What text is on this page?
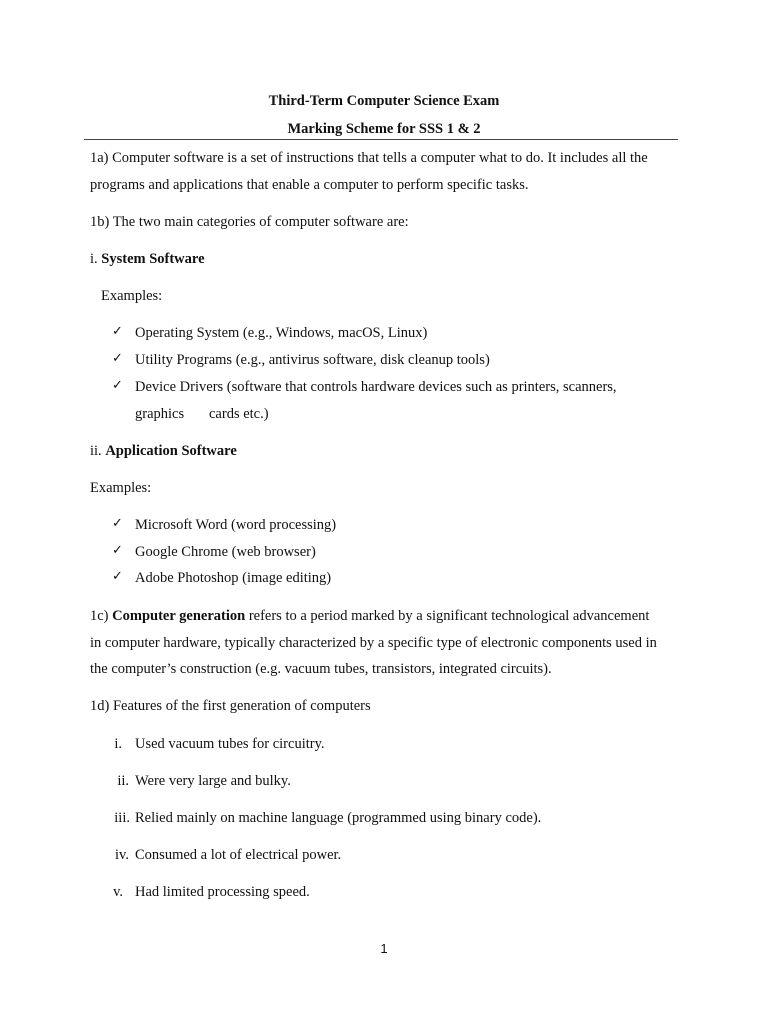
Third-Term Computer Science Exam
Marking Scheme for SSS 1 & 2
1a) Computer software is a set of instructions that tells a computer what to do. It includes all the
programs and applications that enable a computer to perform specific tasks.
1b) The two main categories of computer software are:
i. System Software
Examples:
✓ Operating System (e.g., Windows, macOS, Linux)
✓ Utility Programs (e.g., antivirus software, disk cleanup tools)
✓ Device Drivers (software that controls hardware devices such as printers, scanners,
graphics cards etc.)
ii. Application Software
Examples:
✓ Microsoft Word (word processing)
✓ Google Chrome (web browser)
✓ Adobe Photoshop (image editing)
1c) Computer generation refers to a period marked by a significant technological advancement
in computer hardware, typically characterized by a specific type of electronic components used in
the computer’s construction (e.g. vacuum tubes, transistors, integrated circuits).
1d) Features of the first generation of computers
i. Used vacuum tubes for circuitry.
ii. Were very large and bulky.
iii. Relied mainly on machine language (programmed using binary code).
iv. Consumed a lot of electrical power.
v. Had limited processing speed.
1
